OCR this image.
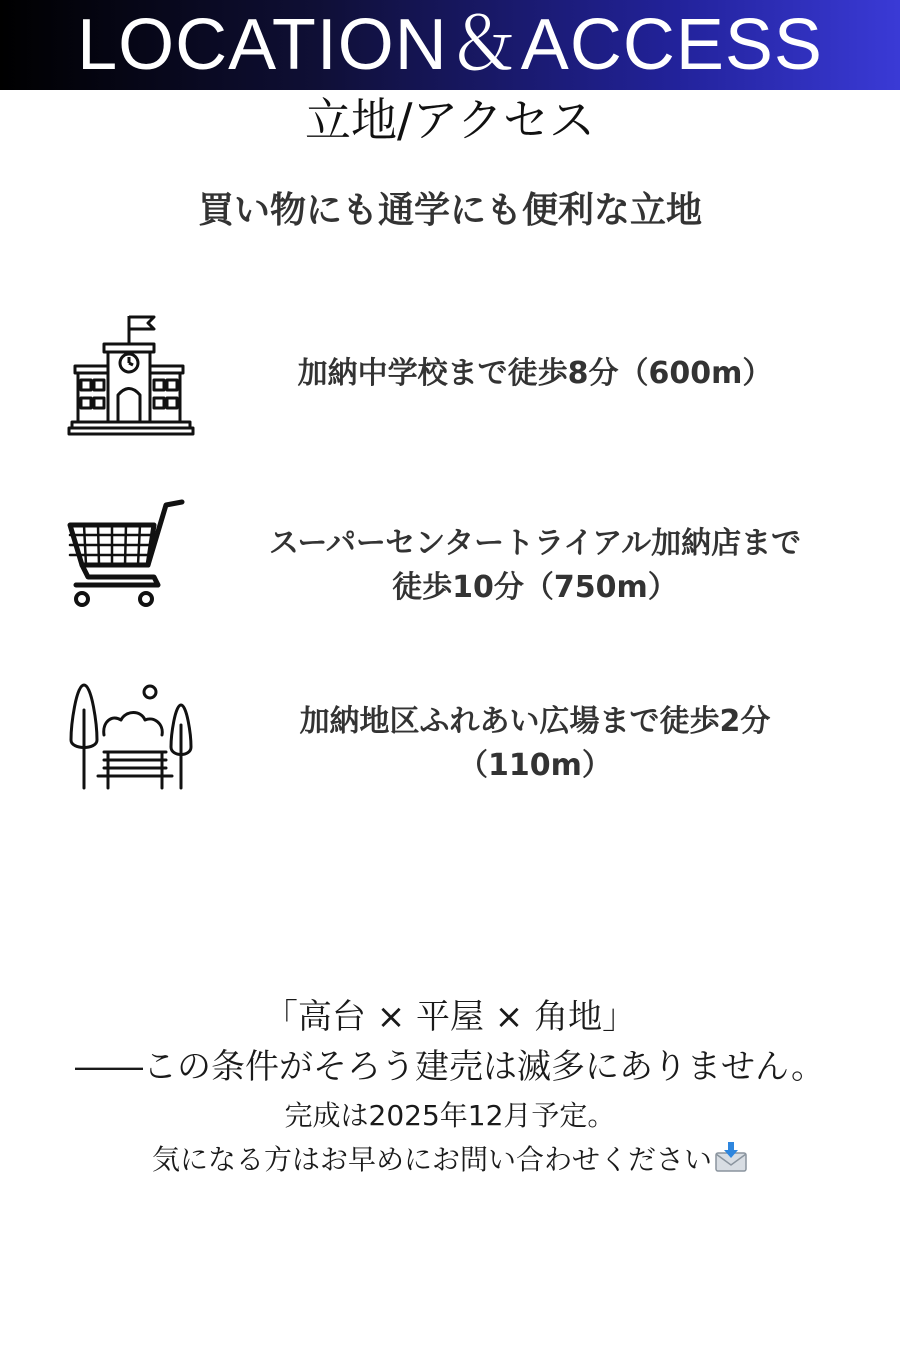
LOCATION＆ACCESS
立地/アクセス
買い物にも通学にも便利な立地
加納中学校まで徒歩8分（600m）
スーパーセンタートライアル加納店まで
徒歩10分（750m）
加納地区ふれあい広場まで徒歩2分
（110m）
「高台 × 平屋 × 角地」
――この条件がそろう建売は滅多にありません。
完成は2025年12月予定。
気になる方はお早めにお問い合わせください
